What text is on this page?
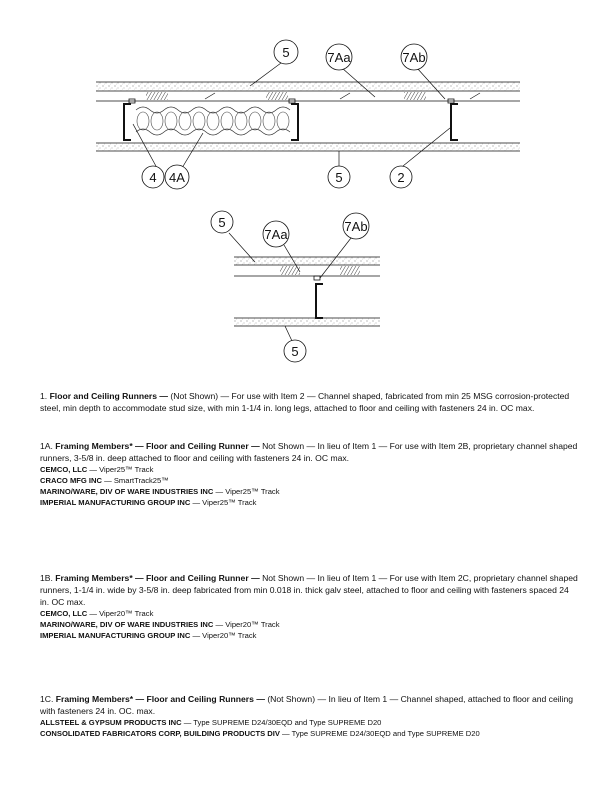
5	7Aa	7Ab
4 4A	5	2
5
7Aa
7Ab
5

1. Floor and Ceiling Runners — (Not Shown) — For use with Item 2 — Channel shaped, fabricated from min 25 MSG corrosion-protected steel, min depth to accommodate stud size, with min 1-1/4 in. long legs, attached to floor and ceiling with fasteners 24 in. OC max.

1A. Framing Members* — Floor and Ceiling Runner — Not Shown — In lieu of Item 1 — For use with Item 2B, proprietary channel shaped runners, 3-5/8 in. deep attached to floor and ceiling with fasteners 24 in. OC max.

CEMCO, LLC — Viper25™ Track

CRACO MFG INC — SmartTrack25™

MARINO/WARE, DIV OF WARE INDUSTRIES INC — Viper25™ Track

IMPERIAL MANUFACTURING GROUP INC — Viper25™ Track

1B. Framing Members* — Floor and Ceiling Runner — Not Shown — In lieu of Item 1 — For use with Item 2C, proprietary channel shaped runners, 1-1/4 in. wide by 3-5/8 in. deep fabricated from min 0.018 in. thick galv steel, attached to floor and ceiling with fasteners spaced 24 in. OC max.

CEMCO, LLC — Viper20™ Track

MARINO/WARE, DIV OF WARE INDUSTRIES INC — Viper20™ Track

IMPERIAL MANUFACTURING GROUP INC — Viper20™ Track

1C. Framing Members* — Floor and Ceiling Runners — (Not Shown) — In lieu of Item 1 — Channel shaped, attached to floor and ceiling with fasteners 24 in. OC. max.

ALLSTEEL & GYPSUM PRODUCTS INC — Type SUPREME D24/30EQD and Type SUPREME D20

CONSOLIDATED FABRICATORS CORP, BUILDING PRODUCTS DIV — Type SUPREME D24/30EQD and Type SUPREME D20
